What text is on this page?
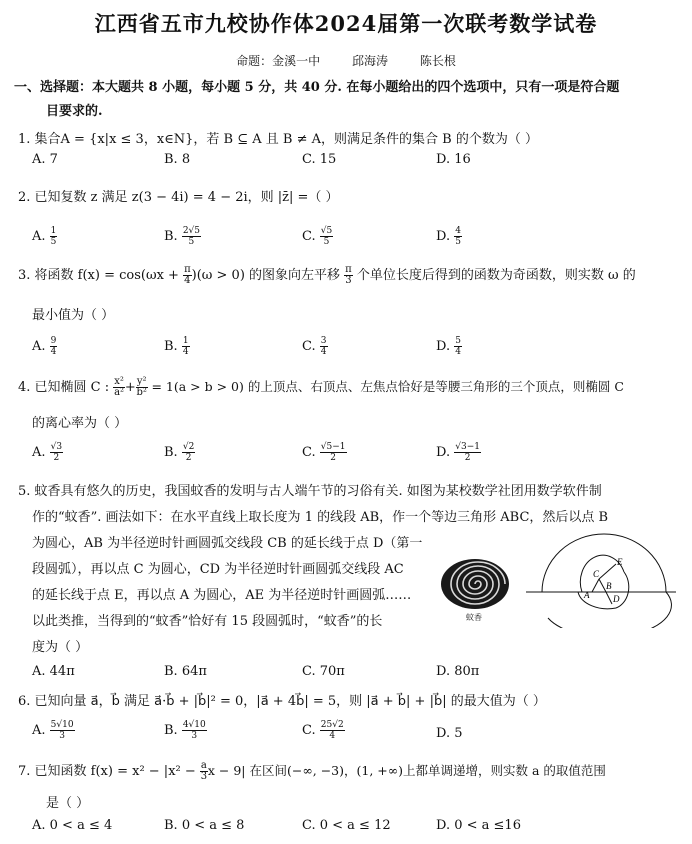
江西省五市九校协作体2024届第一次联考数学试卷
命题：金溪一中	邱海涛	陈长根
一、选择题：本大题共 8 小题，每小题 5 分，共 40 分. 在每小题给出的四个选项中，只有一项是符合题
目要求的.
1. 集合A = {x|x ≤ 3，x∈N}，若 B ⊆ A 且 B ≠ A，则满足条件的集合 B 的个数为（ ）
A. 7	B. 8	C. 15	D. 16
2. 已知复数 z 满足 z(3 − 4i) = 4 − 2i，则 |z̄| =（ ）
A. $\frac{1}{5}$	B. $\frac{2√5}{5}$	C. $\frac{√5}{5}$	D. $\frac{4}{5}$
3. 将函数 $f(x) = \cos(\omega x + \frac{\pi}{4} )(\omega > 0)$ 的图象向左平移 $\frac{\pi}{3}$ 个单位长度后得到的函数为奇函数，则实数 ω 的
最小值为（ ）
A. $\frac{9}{4}$	B. $\frac{1}{4}$	C. $\frac{3}{4}$	D. $\frac{5}{4}$
4. 已知椭圆 C : $\frac{\text{x²}}{\text{a²}} + \frac{\text{y²}}{\text{b²}} = 1(a > b > 0)$ 的上顶点、右顶点、左焦点恰好是等腰三角形的三个顶点，则椭圆 C
的离心率为（ ）
A. $\frac{√3}{2}$	B. $\frac{√2}{2}$	C. $\frac{√5-1}{2}$	D. $\frac{√3-1}{2}$
5. 蚊香具有悠久的历史，我国蚊香的发明与古人端午节的习俗有关. 如图为某校数学社团用数学软件制
作的“蚊香”. 画法如下：在水平直线上取长度为 1 的线段 AB，作一个等边三角形 ABC，然后以点 B
为圆心，AB 为半径逆时针画圆弧交线段 CB 的延长线于点 D（第一
段圆弧），再以点 C 为圆心，CD 为半径逆时针画圆弧交线段 AC
的延长线于点 E，再以点 A 为圆心，AE 为半径逆时针画圆弧……
以此类推，当得到的“蚊香”恰好有 15 段圆弧时，“蚊香”的长
度为（ ）
蚊香
C
E
A
B
D
A. 44π	B. 64π	C. 70π	D. 80π
6. 已知向量 a⃗，b⃗ 满足 a⃗·b⃗ + |b⃗|² = 0，|a⃗ + 4b⃗| = 5，则 |a⃗ + b⃗| + |b⃗| 的最大值为（ ）
A. $\frac{5√10}{3}$	B. $\frac{4√10}{3}$	C. $\frac{25√2}{4}$	D. 5
7. 已知函数 $f(x) = x^2 - |x^2 - \frac{a}{3}$ x − 9| 在区间(−∞, −3)，(1, +∞)上都单调递增，则实数 a 的取值范围
是（ ）
A. 0 < a ≤ 4	B. 0 < a ≤ 8	C. 0 < a ≤ 12	D. 0 < a ≤16
